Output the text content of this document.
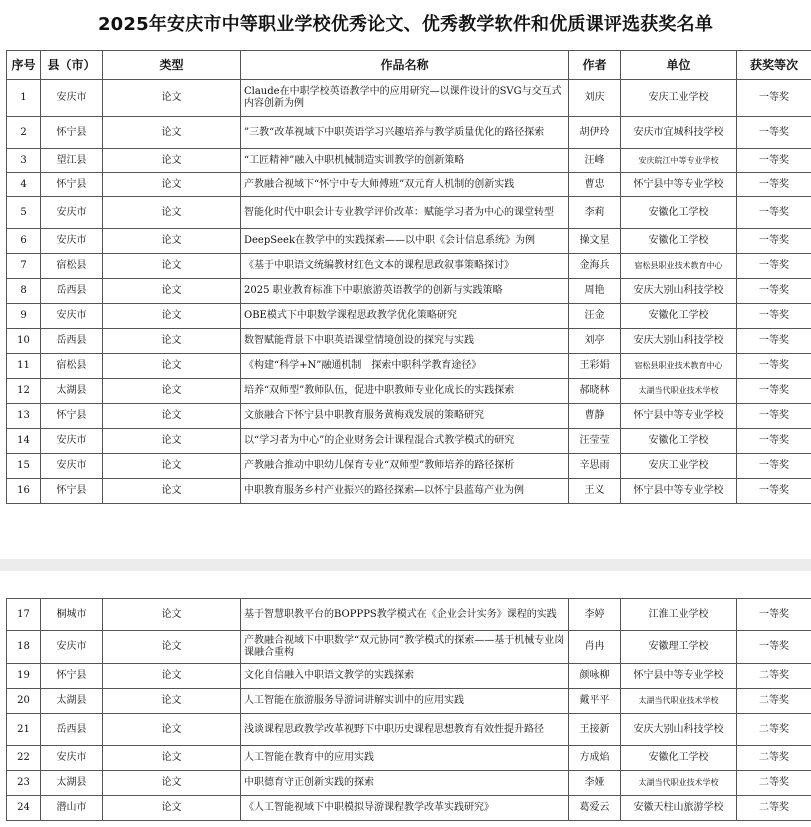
2025年安庆市中等职业学校优秀论文、优秀教学软件和优质课评选获奖名单
序号	县（市）	类型	作品名称	作者	单位	获奖等次
1	安庆市	论文	Claude在中职学校英语教学中的应用研究—以课件设计的SVG与交互式内容创新为例	刘庆	安庆工业学校	一等奖
2	怀宁县	论文	”三教“改革视域下中职英语学习兴趣培养与教学质量优化的路径探索	胡伊玲	安庆市宜城科技学校	一等奖
3	望江县	论文	“工匠精神”融入中职机械制造实训教学的创新策略	汪峰	安庆皖江中等专业学校	一等奖
4	怀宁县	论文	产教融合视域下“怀宁中专大师傅班”双元育人机制的创新实践	曹忠	怀宁县中等专业学校	一等奖
5	安庆市	论文	智能化时代中职会计专业教学评价改革：赋能学习者为中心的课堂转型	李莉	安徽化工学校	一等奖
6	安庆市	论文	DeepSeek在教学中的实践探索——以中职《会计信息系统》为例	操文星	安徽化工学校	一等奖
7	宿松县	论文	《基于中职语文统编教材红色文本的课程思政叙事策略探讨》	金海兵	宿松县职业技术教育中心	一等奖
8	岳西县	论文	2025 职业教育标准下中职旅游英语教学的创新与实践策略	周艳	安庆大别山科技学校	一等奖
9	安庆市	论文	OBE模式下中职数学课程思政教学优化策略研究	汪金	安徽化工学校	一等奖
10	岳西县	论文	数智赋能背景下中职英语课堂情境创设的探究与实践	刘亭	安庆大别山科技学校	一等奖
11	宿松县	论文	《构建“科学+N”融通机制　探索中职科学教育途径》	王彩娟	宿松县职业技术教育中心	一等奖
12	太湖县	论文	培养“双师型”教师队伍，促进中职教师专业化成长的实践探索	郝晓林	太湖当代职业技术学校	一等奖
13	怀宁县	论文	文旅融合下怀宁县中职教育服务黄梅戏发展的策略研究	曹静	怀宁县中等专业学校	一等奖
14	安庆市	论文	以“学习者为中心”的企业财务会计课程混合式教学模式的研究	汪莹莹	安徽化工学校	一等奖
15	安庆市	论文	产教融合推动中职幼儿保育专业“双师型”教师培养的路径探析	辛思雨	安庆工业学校	一等奖
16	怀宁县	论文	中职教育服务乡村产业振兴的路径探索—以怀宁县蓝莓产业为例	王义	怀宁县中等专业学校	一等奖
17	桐城市	论文	基于智慧职教平台的BOPPPS教学模式在《企业会计实务》课程的实践	李婷	江淮工业学校	一等奖
18	安庆市	论文	产教融合视域下中职数学“双元协同”教学模式的探索——基于机械专业岗课融合重构	肖冉	安徽理工学校	一等奖
19	怀宁县	论文	文化自信融入中职语文教学的实践探索	颜咏柳	怀宁县中等专业学校	二等奖
20	太湖县	论文	人工智能在旅游服务导游词讲解实训中的应用实践	戴平平	太湖当代职业技术学校	二等奖
21	岳西县	论文	浅谈课程思政教学改革视野下中职历史课程思想教育有效性提升路径	王接新	安庆大别山科技学校	二等奖
22	安庆市	论文	人工智能在教育中的应用实践	方成焰	安徽化工学校	二等奖
23	太湖县	论文	中职德育守正创新实践的探索	李娅	太湖当代职业技术学校	二等奖
24	潜山市	论文	《人工智能视域下中职模拟导游课程教学改革实践研究》	葛爱云	安徽天柱山旅游学校	二等奖
